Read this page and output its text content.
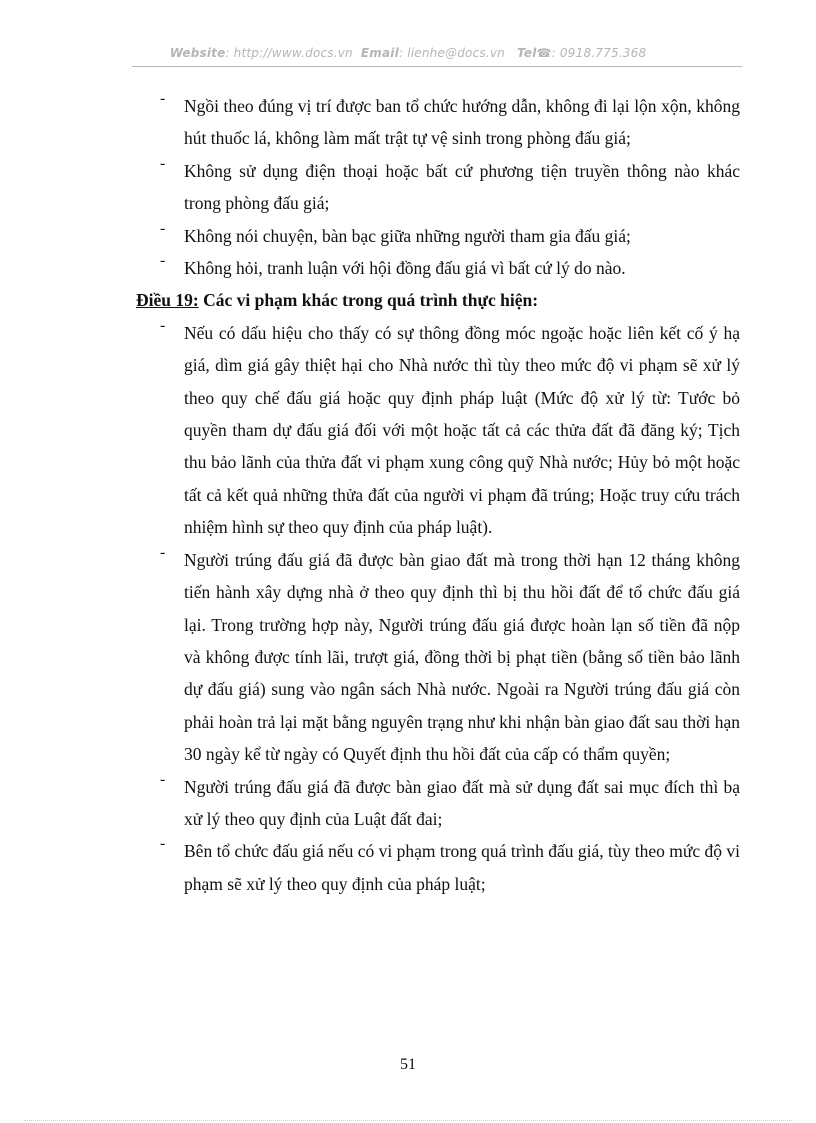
Website: http://www.docs.vn Email: lienhe@docs.vn Tel☎: 0918.775.368
- Ngồi theo đúng vị trí được ban tổ chức hướng dẫn, không đi lại lộn xộn, không hút thuốc lá, không làm mất trật tự vệ sinh trong phòng đấu giá;
- Không sử dụng điện thoại hoặc bất cứ phương tiện truyền thông nào khác trong phòng đấu giá;
- Không nói chuyện, bàn bạc giữa những người tham gia đấu giá;
- Không hỏi, tranh luận với hội đồng đấu giá vì bất cứ lý do nào.

Điều 19: Các vi phạm khác trong quá trình thực hiện:

- Nếu có dấu hiệu cho thấy có sự thông đồng móc ngoặc hoặc liên kết cố ý hạ giá, dìm giá gây thiệt hại cho Nhà nước thì tùy theo mức độ vi phạm sẽ xử lý theo quy chế đấu giá hoặc quy định pháp luật (Mức độ xử lý từ: Tước bỏ quyền tham dự đấu giá đối với một hoặc tất cả các thửa đất đã đăng ký; Tịch thu bảo lãnh của thửa đất vi phạm xung công quỹ Nhà nước; Hủy bỏ một hoặc tất cả kết quả những thửa đất của người vi phạm đã trúng; Hoặc truy cứu trách nhiệm hình sự theo quy định của pháp luật).
- Người trúng đấu giá đã được bàn giao đất mà trong thời hạn 12 tháng không tiến hành xây dựng nhà ở theo quy định thì bị thu hồi đất để tổ chức đấu giá lại. Trong trường hợp này, Người trúng đấu giá được hoàn lạn số tiền đã nộp và không được tính lãi, trượt giá, đồng thời bị phạt tiền (bằng số tiền bảo lãnh dự đấu giá) sung vào ngân sách Nhà nước. Ngoài ra Người trúng đấu giá còn phải hoàn trả lại mặt bằng nguyên trạng như khi nhận bàn giao đất sau thời hạn 30 ngày kể từ ngày có Quyết định thu hồi đất của cấp có thẩm quyền;
- Người trúng đấu giá đã được bàn giao đất mà sử dụng đất sai mục đích thì bạ xử lý theo quy định của Luật đất đai;
- Bên tổ chức đấu giá nếu có vi phạm trong quá trình đấu giá, tùy theo mức độ vi phạm sẽ xử lý theo quy định của pháp luật;
51
